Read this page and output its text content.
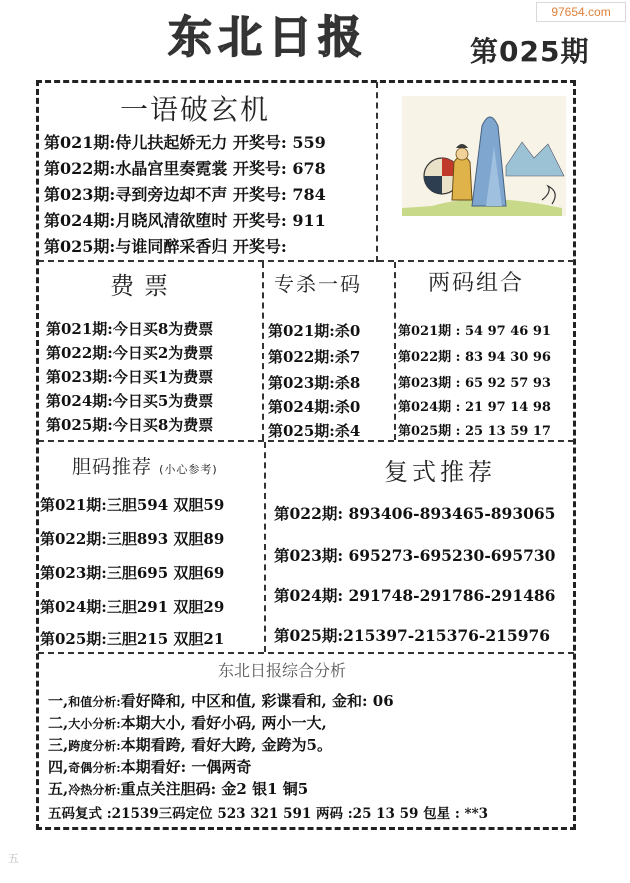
97654.com
东北日报	第025期
一语破玄机
第021期:侍儿扶起娇无力 开奖号: 559
第022期:水晶宫里奏霓裳 开奖号: 678
第023期:寻到旁边却不声 开奖号: 784
第024期:月晓风清欲堕时 开奖号: 911
第025期:与谁同醉采香归 开奖号:
费票
第021期:今日买8为费票
第022期:今日买2为费票
第023期:今日买1为费票
第024期:今日买5为费票
第025期:今日买8为费票
专杀一码
第021期:杀0
第022期:杀7
第023期:杀8
第024期:杀0
第025期:杀4
两码组合
第021期 : 54 97 46 91
第022期 : 83 94 30 96
第023期 : 65 92 57 93
第024期 : 21 97 14 98
第025期 : 25 13 59 17
胆码推荐 (小心参考)
第021期:三胆594 双胆59
第022期:三胆893 双胆89
第023期:三胆695 双胆69
第024期:三胆291 双胆29
第025期:三胆215 双胆21
复式推荐
第022期: 893406-893465-893065
第023期: 695273-695230-695730
第024期: 291748-291786-291486
第025期:215397-215376-215976
东北日报综合分析
一,和值分析:看好降和, 中区和值, 彩谍看和, 金和: 06
二,大小分析:本期大小, 看好小码, 两小一大,
三,跨度分析:本期看跨, 看好大跨, 金跨为5。
四,奇偶分析:本期看好: 一偶两奇
五,冷热分析:重点关注胆码: 金2 银1 铜5
五码复式 :21539三码定位 523 321 591 两码 :25 13 59 包星 : **3
五
